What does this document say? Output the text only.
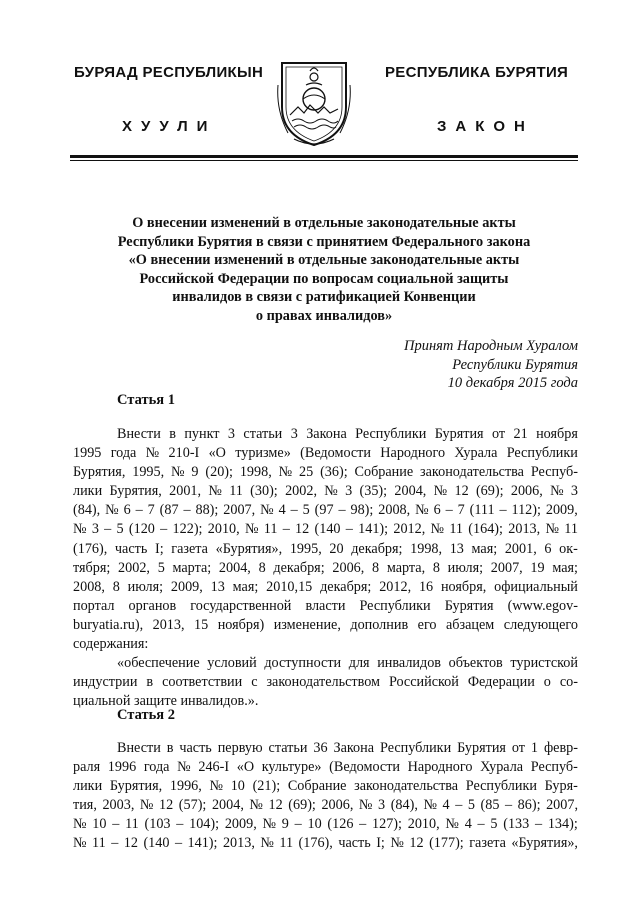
БУРЯАД РЕСПУБЛИКЫН
ХУУЛИ
РЕСПУБЛИКА БУРЯТИЯ
ЗАКОН
О внесении изменений в отдельные законодательные акты
Республики Бурятия в связи с принятием Федерального закона
«О внесении изменений в отдельные законодательные акты
Российской Федерации по вопросам социальной защиты
инвалидов в связи с ратификацией Конвенции
о правах инвалидов»
Принят Народным Хуралом
Республики Бурятия
10 декабря 2015 года
Статья 1
Внести в пункт 3 статьи 3 Закона Республики Бурятия от 21 ноября
1995 года № 210-I «О туризме» (Ведомости Народного Хурала Республики
Бурятия, 1995, № 9 (20); 1998, № 25 (36); Собрание законодательства Респуб-
лики Бурятия, 2001, № 11 (30); 2002, № 3 (35); 2004, № 12 (69); 2006, № 3
(84), № 6 – 7 (87 – 88); 2007, № 4 – 5 (97 – 98); 2008, № 6 – 7 (111 – 112); 2009,
№ 3 – 5 (120 – 122); 2010, № 11 – 12 (140 – 141); 2012, № 11 (164); 2013, № 11
(176), часть I; газета «Бурятия», 1995, 20 декабря; 1998, 13 мая; 2001, 6 ок-
тября; 2002, 5 марта; 2004, 8 декабря; 2006, 8 марта, 8 июля; 2007, 19 мая;
2008, 8 июля; 2009, 13 мая; 2010,15 декабря; 2012, 16 ноября, официальный
портал органов государственной власти Республики Бурятия (www.egov-
buryatia.ru), 2013, 15 ноября) изменение, дополнив его абзацем следующего
содержания:
«обеспечение условий доступности для инвалидов объектов туристской
индустрии в соответствии с законодательством Российской Федерации о со-
циальной защите инвалидов.».
Статья 2
Внести в часть первую статьи 36 Закона Республики Бурятия от 1 февр-
раля 1996 года № 246-I «О культуре» (Ведомости Народного Хурала Респуб-
лики Бурятия, 1996, № 10 (21); Собрание законодательства Республики Буря-
тия, 2003, № 12 (57); 2004, № 12 (69); 2006, № 3 (84), № 4 – 5 (85 – 86); 2007,
№ 10 – 11 (103 – 104); 2009, № 9 – 10 (126 – 127); 2010, № 4 – 5 (133 – 134);
№ 11 – 12 (140 – 141); 2013, № 11 (176), часть I; № 12 (177); газета «Бурятия»,
